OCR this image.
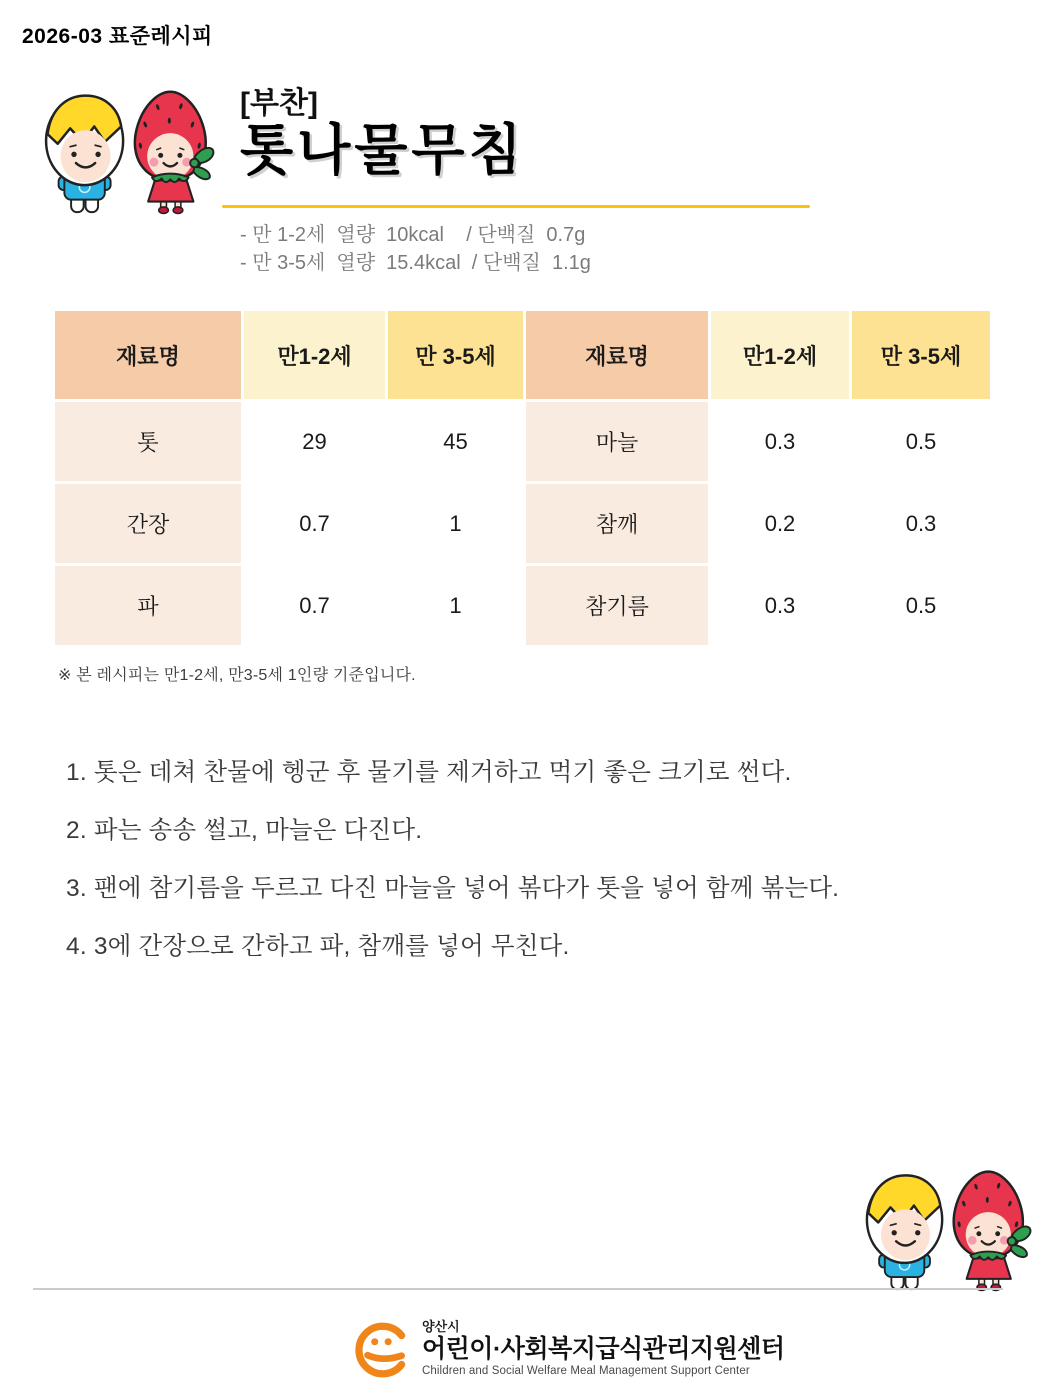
2026-03 표준레시피
[부찬]
톳나물무침
- 만 1-2세  열량  10kcal    / 단백질  0.7g
- 만 3-5세  열량  15.4kcal  / 단백질  1.1g
재료명	만1-2세	만 3-5세	재료명	만1-2세	만 3-5세
톳	29	45	마늘	0.3	0.5
간장	0.7	1	참깨	0.2	0.3
파	0.7	1	참기름	0.3	0.5
※ 본 레시피는 만1-2세, 만3-5세 1인량 기준입니다.
1. 톳은 데쳐 찬물에 헹군 후 물기를 제거하고 먹기 좋은 크기로 썬다.
2. 파는 송송 썰고, 마늘은 다진다.
3. 팬에 참기름을 두르고 다진 마늘을 넣어 볶다가 톳을 넣어 함께 볶는다.
4. 3에 간장으로 간하고 파, 참깨를 넣어 무친다.
양산시
어린이·사회복지급식관리지원센터
Children and Social Welfare Meal Management Support Center
